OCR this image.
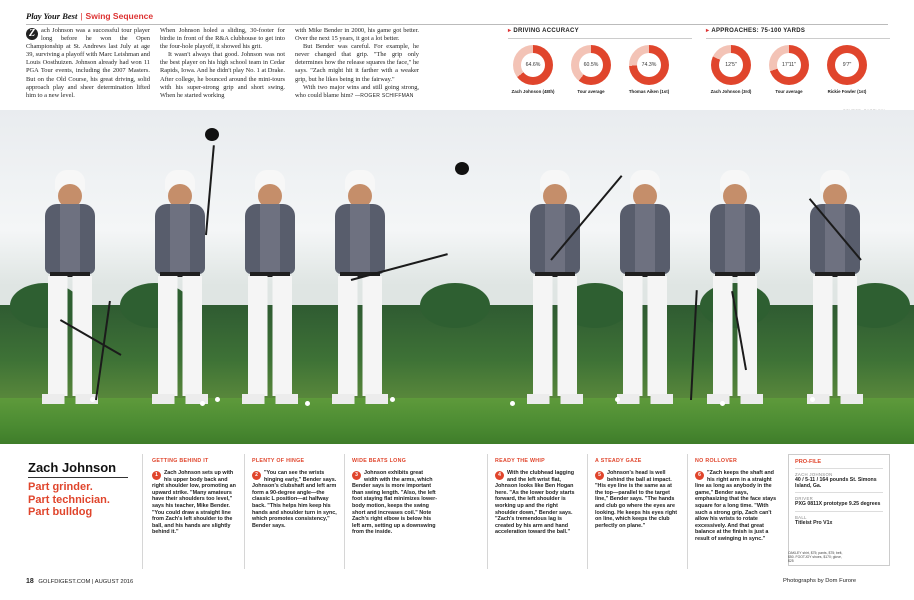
Play Your Best | Swing Sequence

Z ach Johnson was a successful tour player long before he won the Open Championship at St. Andrews last July at age 39, surviving a playoff with Marc Leishman and Louis Oosthuizen. Johnson already had won 11 PGA Tour events, including the 2007 Masters. But on the Old Course, his great driving, solid approach play and sheer determination lifted him to a new level.

When Johnson holed a sliding, 30-footer for birdie in front of the R&A clubhouse to get into the four-hole playoff, it showed his grit.

It wasn't always that good. Johnson was not the best player on his high school team in Cedar Rapids, Iowa. And he didn't play No. 1 at Drake. After college, he bounced around the mini-tours with his super-strong grip and short swing. When he started working

with Mike Bender in 2000, his game got better. Over the next 15 years, it got a lot better.

But Bender was careful. For example, he never changed that grip. "The grip only determines how the release squares the face," he says. "Zach might hit it farther with a weaker grip, but he likes being in the fairway."

With two major wins and still going strong, who could blame him? —ROGER SCHIFFMAN

▸ DRIVING ACCURACY
64.6%
Zach Johnson (48th)
60.5%
Tour average
74.3%
Thomas Aiken (1st)
▸ APPROACHES: 75-100 YARDS
12'5"
Zach Johnson (3rd)
17'11"
Tour average
9'7"
Rickie Fowler (1st)
Zach Johnson
Part grinder.
Part technician.
Part bulldog
GETTING BEHIND IT
1	Zach Johnson sets up with his upper body back and right shoulder low, promoting an upward strike. "Many amateurs have their shoulders too level," says his teacher, Mike Bender. "You could draw a straight line from Zach's left shoulder to the ball, and his hands are slightly behind it."
PLENTY OF HINGE
2	"You can see the wrists hinging early," Bender says. Johnson's clubshaft and left arm form a 90-degree angle—the classic L position—at halfway back. "This helps him keep his hands and shoulder turn in sync, which promotes consistency," Bender says.
WIDE BEATS LONG
3	Johnson exhibits great width with the arms, which Bender says is more important than swing length. "Also, the left foot staying flat minimizes lower-body motion, keeps the swing short and increases coil." Note Zach's right elbow is below his left arm, setting up a downswing from the inside.
READY THE WHIP
4	With the clubhead lagging and the left wrist flat, Johnson looks like Ben Hogan here. "As the lower body starts forward, the left shoulder is working up and the right shoulder down," Bender says. "Zach's tremendous lag is created by his arm and hand acceleration toward the ball."
A STEADY GAZE
5	Johnson's head is well behind the ball at impact. "His eye line is the same as at the top—parallel to the target line," Bender says. "The hands and club go where the eyes are looking. He keeps his eyes right on line, which keeps the club perfectly on plane."
NO ROLLOVER
6	"Zach keeps the shaft and his right arm in a straight line as long as anybody in the game," Bender says, emphasizing that the face stays square for a long time. "With such a strong grip, Zach can't allow his wrists to rotate excessively. And that great balance at the finish is just a result of swinging in sync."
PRO-FILE
ZACH JOHNSON
40 / 5-11 / 164 pounds St. Simons Island, Ga.
DRIVER
PXG 0811X prototype 9.25 degrees
BALL
Titleist Pro V1x
OAKLEY shirt, $75; pants, $75; belt, $50. FOOTJOY shoes, $170; glove, $25
18 GOLFDIGEST.COM | AUGUST 2016	Photographs by Dom Furore
